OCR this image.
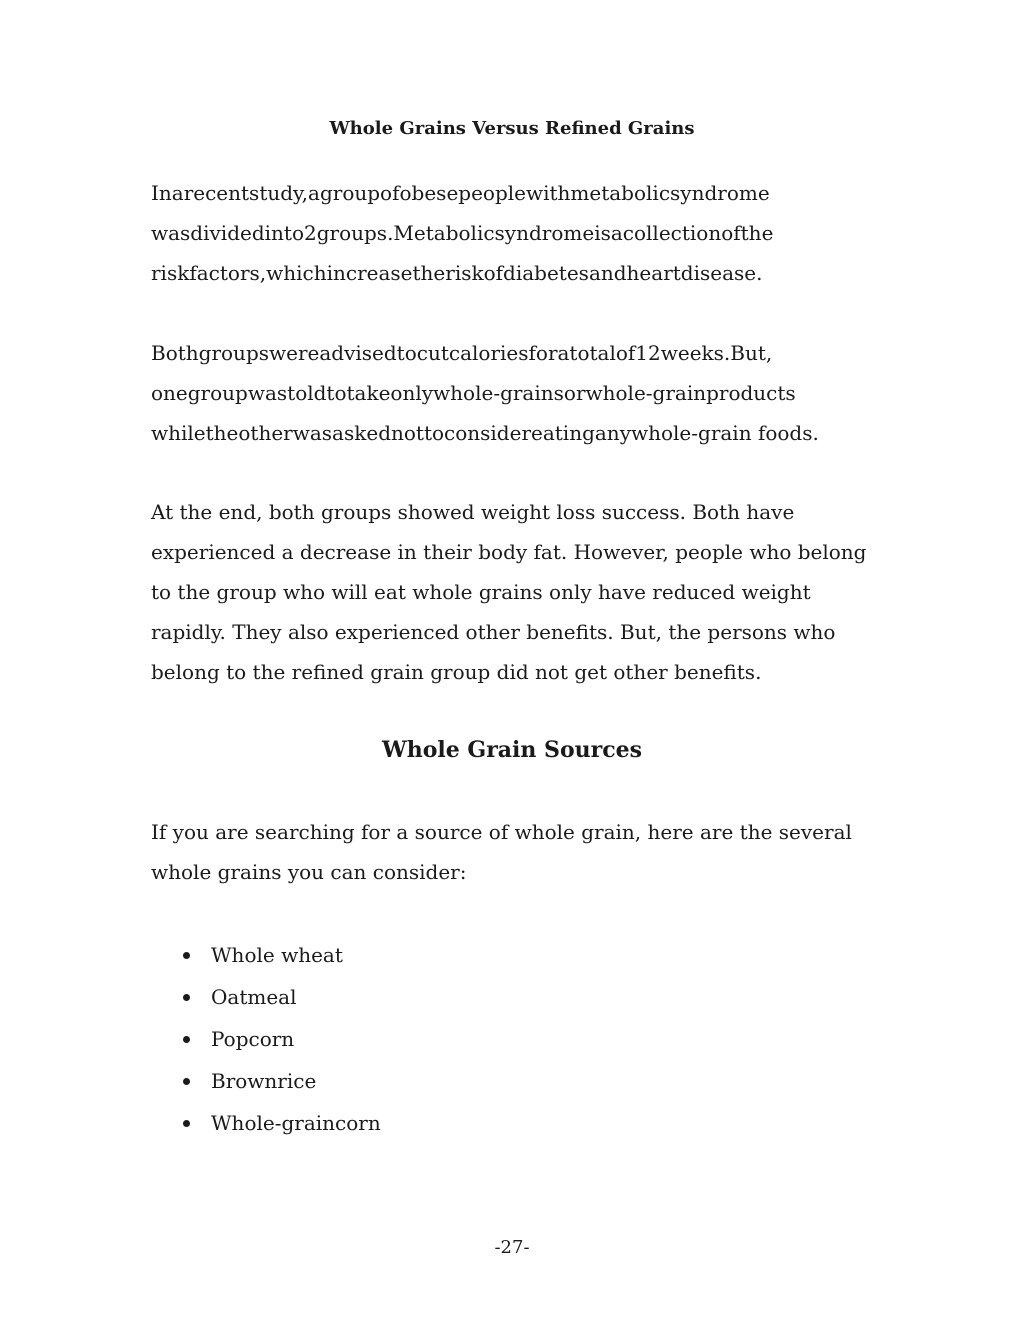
Whole Grains Versus Refined Grains

Inarecentstudy,agroupofobesepeoplewithmetabolicsyndrome
wasdividedinto2groups.Metabolicsyndromeisacollectionofthe
riskfactors,whichincreasetheriskofdiabetesandheartdisease.

Bothgroupswereadvisedtocutcaloriesforatotalof12weeks.But,
onegroupwastoldtotakeonlywhole-grainsorwhole-grainproducts
whiletheotherwasaskednottoconsidereatinganywhole-grain foods.

At the end, both groups showed weight loss success. Both have
experienced a decrease in their body fat. However, people who belong
to the group who will eat whole grains only have reduced weight
rapidly. They also experienced other benefits. But, the persons who
belong to the refined grain group did not get other benefits.

Whole Grain Sources

If you are searching for a source of whole grain, here are the several
whole grains you can consider:

Whole wheat
Oatmeal
Popcorn
Brownrice
Whole-graincorn
-27-
